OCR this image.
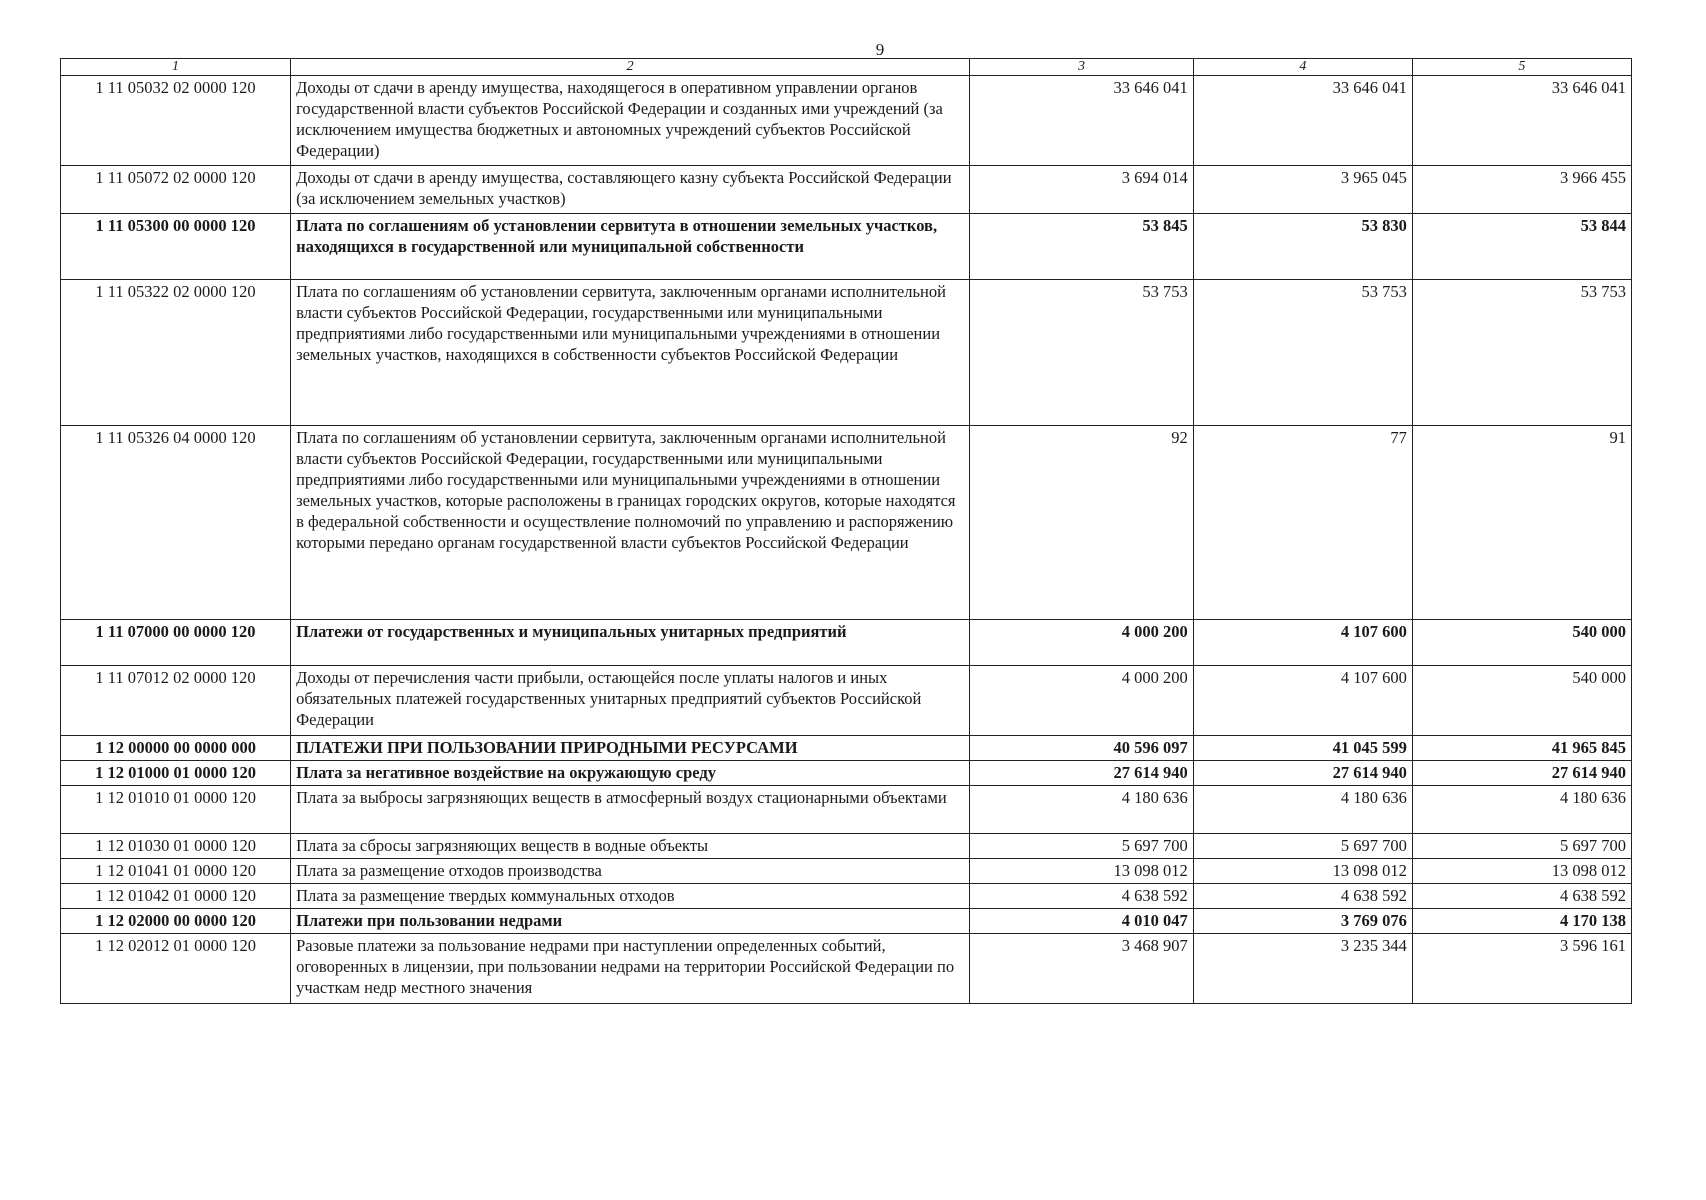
9
1	2	3	4	5
1 11 05032 02 0000 120	Доходы от сдачи в аренду имущества, находящегося в оперативном управлении органов государственной власти субъектов Российской Федерации и созданных ими учреждений (за исключением имущества бюджетных и автономных учреждений субъектов Российской Федерации)	33 646 041	33 646 041	33 646 041
1 11 05072 02 0000 120	Доходы от сдачи в аренду имущества, составляющего казну субъекта Российской Федерации (за исключением земельных участков)	3 694 014	3 965 045	3 966 455
1 11 05300 00 0000 120	Плата по соглашениям об установлении сервитута в отношении земельных участков, находящихся в государственной или муниципальной собственности	53 845	53 830	53 844
1 11 05322 02 0000 120	Плата по соглашениям об установлении сервитута, заключенным органами исполнительной власти субъектов Российской Федерации, государственными или муниципальными предприятиями либо государственными или муниципальными учреждениями в отношении земельных участков, находящихся в собственности субъектов Российской Федерации	53 753	53 753	53 753
1 11 05326 04 0000 120	Плата по соглашениям об установлении сервитута, заключенным органами исполнительной власти субъектов Российской Федерации, государственными или муниципальными предприятиями либо государственными или муниципальными учреждениями в отношении земельных участков, которые расположены в границах городских округов, которые находятся в федеральной собственности и осуществление полномочий по управлению и распоряжению которыми передано органам государственной власти субъектов Российской Федерации	92	77	91
1 11 07000 00 0000 120	Платежи от государственных и муниципальных унитарных предприятий	4 000 200	4 107 600	540 000
1 11 07012 02 0000 120	Доходы от перечисления части прибыли, остающейся после уплаты налогов и иных обязательных платежей государственных унитарных предприятий субъектов Российской Федерации	4 000 200	4 107 600	540 000
1 12 00000 00 0000 000	ПЛАТЕЖИ ПРИ ПОЛЬЗОВАНИИ ПРИРОДНЫМИ РЕСУРСАМИ	40 596 097	41 045 599	41 965 845
1 12 01000 01 0000 120	Плата за негативное воздействие на окружающую среду	27 614 940	27 614 940	27 614 940
1 12 01010 01 0000 120	Плата за выбросы загрязняющих веществ в атмосферный воздух стационарными объектами	4 180 636	4 180 636	4 180 636
1 12 01030 01 0000 120	Плата за сбросы загрязняющих веществ в водные объекты	5 697 700	5 697 700	5 697 700
1 12 01041 01 0000 120	Плата за размещение отходов производства	13 098 012	13 098 012	13 098 012
1 12 01042 01 0000 120	Плата за размещение твердых коммунальных отходов	4 638 592	4 638 592	4 638 592
1 12 02000 00 0000 120	Платежи при пользовании недрами	4 010 047	3 769 076	4 170 138
1 12 02012 01 0000 120	Разовые платежи за пользование недрами при наступлении определенных событий, оговоренных в лицензии, при пользовании недрами на территории Российской Федерации по участкам недр местного значения	3 468 907	3 235 344	3 596 161
